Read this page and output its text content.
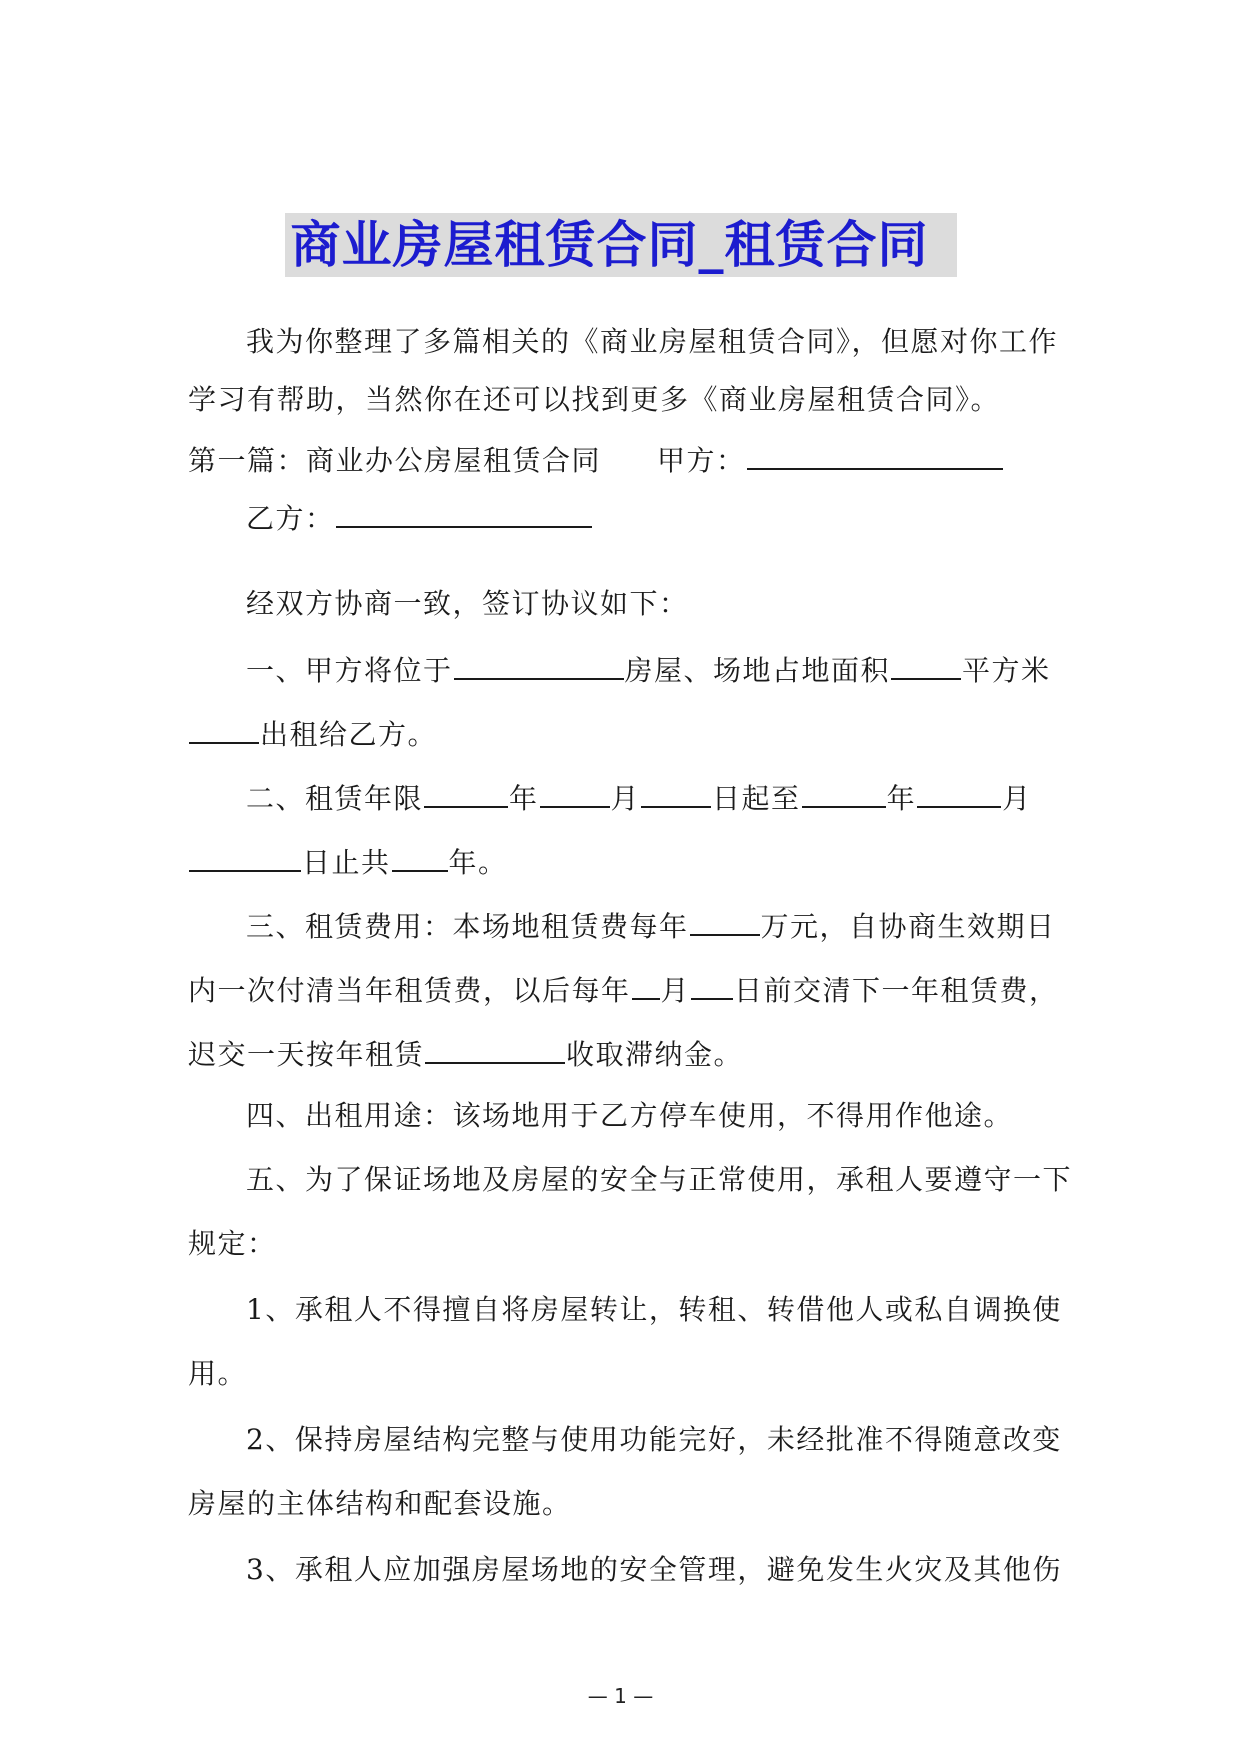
商业房屋租赁合同_租赁合同
我为你整理了多篇相关的《商业房屋租赁合同》，但愿对你工作
学习有帮助，当然你在还可以找到更多《商业房屋租赁合同》。
第一篇：商业办公房屋租赁合同 甲方：
乙方：
经双方协商一致，签订协议如下：
一、甲方将位于	房屋、场地占地面积	平方米
出租给乙方。
二、租赁年限	年	月	日起至	年	月
日止共 年。
三、租赁费用：本场地租赁费每年	万元，自协商生效期日
内一次付清当年租赁费，以后每年 月 日前交清下一年租赁费，
迟交一天按年租赁	收取滞纳金。
四、出租用途：该场地用于乙方停车使用，不得用作他途。
五、为了保证场地及房屋的安全与正常使用，承租人要遵守一下
规定：
1、承租人不得擅自将房屋转让，转租、转借他人或私自调换使
用。
2、保持房屋结构完整与使用功能完好，未经批准不得随意改变
房屋的主体结构和配套设施。
3、承租人应加强房屋场地的安全管理，避免发生火灾及其他伤
— 1 —
